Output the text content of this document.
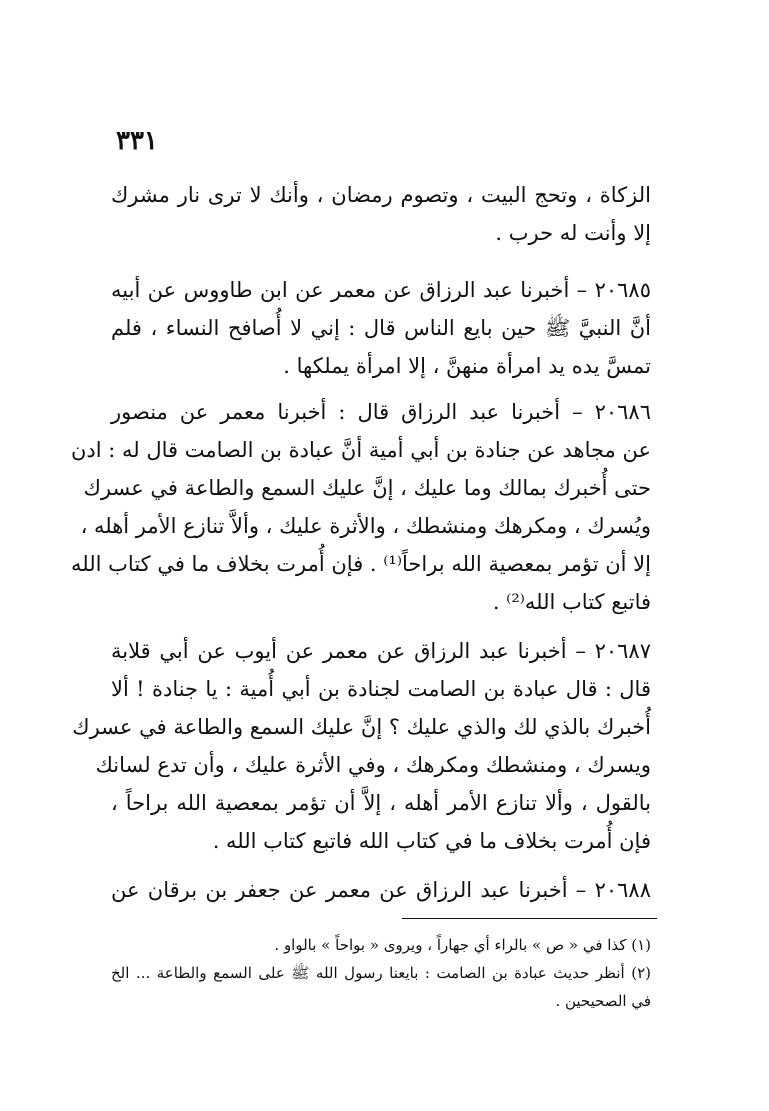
٣٣١
الزكاة ، وتحج البيت ، وتصوم رمضان ، وأنك لا ترى نار مشرك
إلا وأنت له حرب .
٢٠٦٨٥ – أخبرنا عبد الرزاق عن معمر عن ابن طاووس عن أبيه
أنَّ النبيَّ ﷺ حين بايع الناس قال : إني لا أُصافح النساء ، فلم
تمسَّ يده يد امرأة منهنَّ ، إلا امرأة يملكها .
٢٠٦٨٦ – أخبرنا عبد الرزاق قال : أخبرنا معمر عن منصور
عن مجاهد عن جنادة بن أبي أمية أنَّ عبادة بن الصامت قال له : ادن
حتى أُخبرك بمالك وما عليك ، إنَّ عليك السمع والطاعة في عسرك
ويُسرك ، ومكرهك ومنشطك ، والأثرة عليك ، وألاَّ تنازع الأمر أهله ،
إلا أن تؤمر بمعصية الله براحاً⁽¹⁾ . فإن أُمرت بخلاف ما في كتاب الله
فاتبع كتاب الله⁽²⁾ .
٢٠٦٨٧ – أخبرنا عبد الرزاق عن معمر عن أيوب عن أبي قلابة
قال : قال عبادة بن الصامت لجنادة بن أبي أُمية : يا جنادة ! ألا
أُخبرك بالذي لك والذي عليك ؟ إنَّ عليك السمع والطاعة في عسرك
ويسرك ، ومنشطك ومكرهك ، وفي الأثرة عليك ، وأن تدع لسانك
بالقول ، وألا تنازع الأمر أهله ، إلاَّ أن تؤمر بمعصية الله براحاً ،
فإن أُمرت بخلاف ما في كتاب الله فاتبع كتاب الله .
٢٠٦٨٨ – أخبرنا عبد الرزاق عن معمر عن جعفر بن برقان عن
(١) كذا في « ص » بالراء أي جهاراً ، ويروى « بواحاً » بالواو .
(٢) أنظر حديث عبادة بن الصامت : بايعنا رسول الله ﷺ على السمع والطاعة ... الخ
في الصحيحين .
